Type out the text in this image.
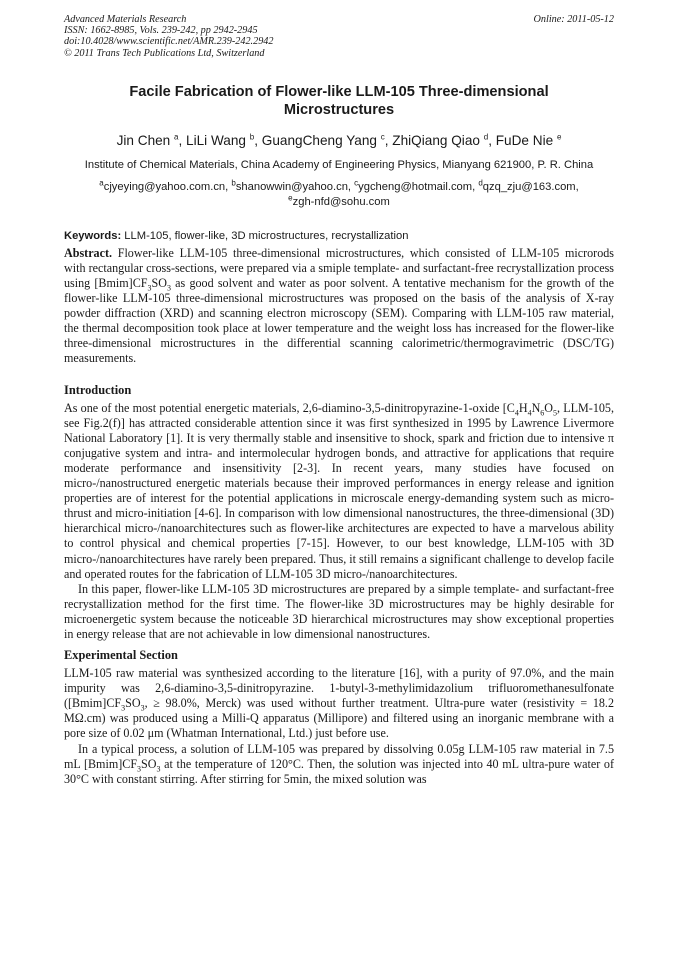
Advanced Materials Research
ISSN: 1662-8985, Vols. 239-242, pp 2942-2945
doi:10.4028/www.scientific.net/AMR.239-242.2942
© 2011 Trans Tech Publications Ltd, Switzerland
Online: 2011-05-12
Facile Fabrication of Flower-like LLM-105 Three-dimensional Microstructures
Jin Chen $^a$, LiLi Wang $^b$, GuangCheng Yang $^c$, ZhiQiang Qiao $^d$, FuDe Nie $^e$
Institute of Chemical Materials, China Academy of Engineering Physics, Mianyang 621900, P. R. China
$^a$cjyeying@yahoo.com.cn, $^b$shanowwin@yahoo.cn, $^c$ygcheng@hotmail.com, $^d$qzq_zju@163.com,
$^e$zgh-nfd@sohu.com
Keywords: LLM-105, flower-like, 3D microstructures, recrystallization
Abstract. Flower-like LLM-105 three-dimensional microstructures, which consisted of LLM-105 microrods with rectangular cross-sections, were prepared via a smiple template- and surfactant-free recrystallization process using $[Bmim]CF_3SO_3$ as good solvent and water as poor solvent. A tentative mechanism for the growth of the flower-like LLM-105 three-dimensional microstructures was proposed on the basis of the analysis of X-ray powder diffraction (XRD) and scanning electron microscopy (SEM). Comparing with LLM-105 raw material, the thermal decomposition took place at lower temperature and the weight loss has increased for the flower-like three-dimensional microstructures in the differential scanning calorimetric/thermogravimetric (DSC/TG) measurements.
Introduction

As one of the most potential energetic materials, 2,6-diamino-3,5-dinitropyrazine-1-oxide [$C_4H_4N_6O_5$, LLM-105, see Fig.2(f)] has attracted considerable attention since it was first synthesized in 1995 by Lawrence Livermore National Laboratory [1]. It is very thermally stable and insensitive to shock, spark and friction due to intensive π conjugative system and intra- and intermolecular hydrogen bonds, and attractive for applications that require moderate performance and insensitivity [2-3]. In recent years, many studies have focused on micro-/nanostructured energetic materials because their improved performances in energy release and ignition properties are of interest for the potential applications in microscale energy-demanding system such as micro-thrust and micro-initiation [4-6]. In comparison with low dimensional nanostructures, the three-dimensional (3D) hierarchical micro-/nanoarchitectures such as flower-like architectures are expected to have a marvelous ability to control physical and chemical properties [7-15]. However, to our best knowledge, LLM-105 with 3D micro-/nanoarchitectures have rarely been prepared. Thus, it still remains a significant challenge to develop facile and operated routes for the fabrication of LLM-105 3D micro-/nanoarchitectures.

In this paper, flower-like LLM-105 3D microstructures are prepared by a simple template- and surfactant-free recrystallization method for the first time. The flower-like 3D microstructures may be highly desirable for microenergetic system because the noticeable 3D hierarchical microstructures may show exceptional properties in energy release that are not achievable in low dimensional nanostructures.

Experimental Section

LLM-105 raw material was synthesized according to the literature [16], with a purity of 97.0%, and the main impurity was 2,6-diamino-3,5-dinitropyrazine. 1-butyl-3-methylimidazolium trifluoromethanesulfonate ($[Bmim]CF_3SO_3$, ≥ 98.0%, Merck) was used without further treatment. Ultra-pure water (resistivity = 18.2 MΩ.cm) was produced using a Milli-Q apparatus (Millipore) and filtered using an inorganic membrane with a pore size of 0.02 μm (Whatman International, Ltd.) just before use.

In a typical process, a solution of LLM-105 was prepared by dissolving 0.05g LLM-105 raw material in 7.5 mL $[Bmim]CF_3SO_3$ at the temperature of 120°C. Then, the solution was injected into 40 mL ultra-pure water of 30°C with constant stirring. After stirring for 5min, the mixed solution was
